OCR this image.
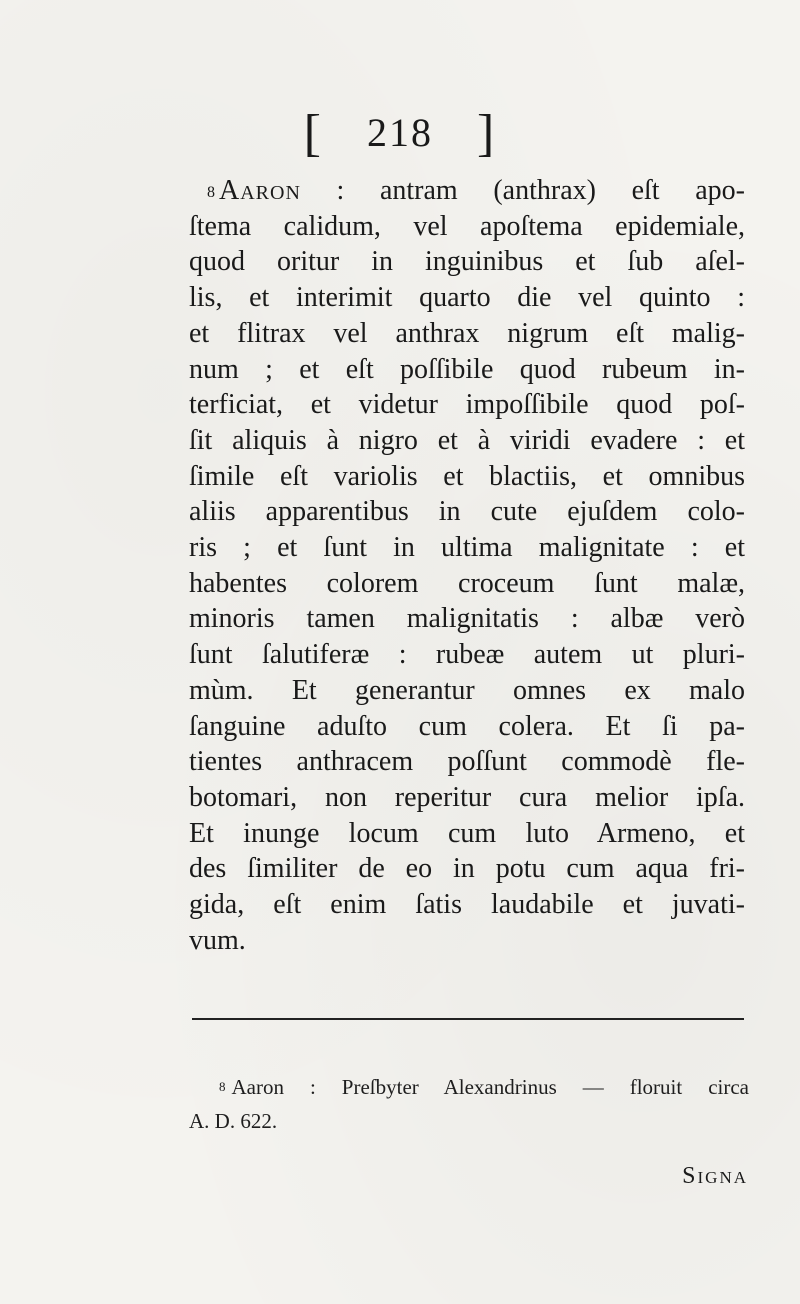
[ 218 ]
$^8$ Aaron : antram (anthrax) eſt apo-
ſtema calidum, vel apoſtema epidemiale,
quod oritur in inguinibus et ſub aſel-
lis, et interimit quarto die vel quinto :
et flitrax vel anthrax nigrum eſt malig-
num ; et eſt poſſibile quod rubeum in-
terficiat, et videtur impoſſibile quod poſ-
ſit aliquis à nigro et à viridi evadere : et
ſimile eſt variolis et blactiis, et omnibus
aliis apparentibus in cute ejuſdem colo-
ris ; et ſunt in ultima malignitate : et
habentes colorem croceum ſunt malæ,
minoris tamen malignitatis : albæ verò
ſunt ſalutiferæ : rubeæ autem ut pluri-
mùm. Et generantur omnes ex malo
ſanguine aduſto cum colera. Et ſi pa-
tientes anthracem poſſunt commodè fle-
botomari, non reperitur cura melior ipſa.
Et inunge locum cum luto Armeno, et
des ſimiliter de eo in potu cum aqua fri-
gida, eſt enim ſatis laudabile et juvati-
vum.
$^8$ Aaron : Preſbyter Alexandrinus — floruit circa
A. D. 622.
Signa
